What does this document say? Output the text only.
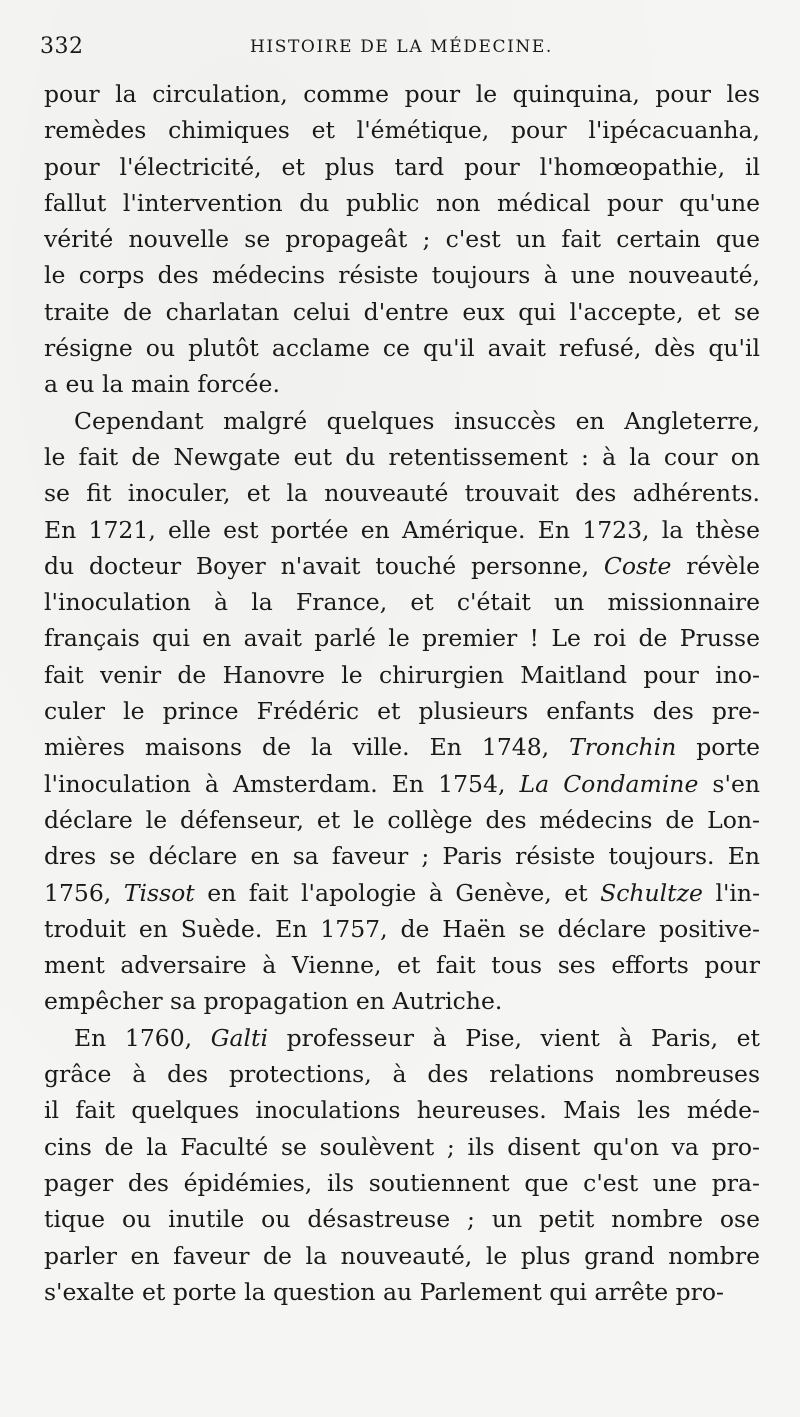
332	HISTOIRE DE LA MÉDECINE.
pour la circulation, comme pour le quinquina, pour les
remèdes chimiques et l'émétique, pour l'ipécacuanha,
pour l'électricité, et plus tard pour l'homœopathie, il
fallut l'intervention du public non médical pour qu'une
vérité nouvelle se propageât ; c'est un fait certain que
le corps des médecins résiste toujours à une nouveauté,
traite de charlatan celui d'entre eux qui l'accepte, et se
résigne ou plutôt acclame ce qu'il avait refusé, dès qu'il
a eu la main forcée.
Cependant malgré quelques insuccès en Angleterre,
le fait de Newgate eut du retentissement : à la cour on
se fit inoculer, et la nouveauté trouvait des adhérents.
En 1721, elle est portée en Amérique. En 1723, la thèse
du docteur Boyer n'avait touché personne, Coste révèle
l'inoculation à la France, et c'était un missionnaire
français qui en avait parlé le premier ! Le roi de Prusse
fait venir de Hanovre le chirurgien Maitland pour ino-
culer le prince Frédéric et plusieurs enfants des pre-
mières maisons de la ville. En 1748, Tronchin porte
l'inoculation à Amsterdam. En 1754, La Condamine s'en
déclare le défenseur, et le collège des médecins de Lon-
dres se déclare en sa faveur ; Paris résiste toujours. En
1756, Tissot en fait l'apologie à Genève, et Schultze l'in-
troduit en Suède. En 1757, de Haën se déclare positive-
ment adversaire à Vienne, et fait tous ses efforts pour
empêcher sa propagation en Autriche.
En 1760, Galti professeur à Pise, vient à Paris, et
grâce à des protections, à des relations nombreuses
il fait quelques inoculations heureuses. Mais les méde-
cins de la Faculté se soulèvent ; ils disent qu'on va pro-
pager des épidémies, ils soutiennent que c'est une pra-
tique ou inutile ou désastreuse ; un petit nombre ose
parler en faveur de la nouveauté, le plus grand nombre
s'exalte et porte la question au Parlement qui arrête pro-
